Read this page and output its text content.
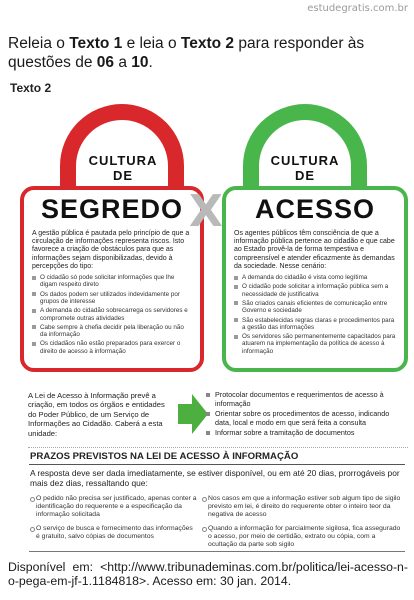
estudegratis.com.br

Releia o Texto 1 e leia o Texto 2 para responder às questões de 06 a 10.

Texto 2
CULTURA
DE
SEGREDO

A gestão pública é pautada pelo princípio de que a circulação de informações representa riscos. Isto favorece a criação de obstáculos para que as informações sejam disponibilizadas, devido à percepções do tipo:

O cidadão só pode solicitar informações que lhe digam respeito direto
Os dados podem ser utilizados indevidamente por grupos de interesse
A demanda do cidadão sobrecarrega os servidores e compromete outras atividades
Cabe sempre à chefia decidir pela liberação ou não da informação
Os cidadãos não estão preparados para exercer o direito de acesso à informação
CULTURA
DE
ACESSO

Os agentes públicos têm consciência de que a informação pública pertence ao cidadão e que cabe ao Estado provê-la de forma tempestiva e compreensível e atender eficazmente às demandas da sociedade. Nesse cenário:

A demanda do cidadão é vista como legítima
O cidadão pode solicitar a informação pública sem a necessidade de justificativa
São criados canais eficientes de comunicação entre Governo e sociedade
São estabelecidas regras claras e procedimentos para a gestão das informações
Os servidores são permanentemente capacitados para atuarem na implementação da política de acesso à informação
X

A Lei de Acesso à Informação prevê a criação, em todos os órgãos e entidades do Poder Público, de um Serviço de Informações ao Cidadão. Caberá a esta unidade:

Protocolar documentos e requerimentos de acesso à informação
Orientar sobre os procedimentos de acesso, indicando data, local e modo em que será feita a consulta
Informar sobre a tramitação de documentos
PRAZOS PREVISTOS NA LEI DE ACESSO À INFORMAÇÃO

A resposta deve ser dada imediatamente, se estiver disponível, ou em até 20 dias, prorrogáveis por mais dez dias, ressaltando que:

O pedido não precisa ser justificado, apenas conter a identificação do requerente e a especificação da informação solicitada
O serviço de busca e fornecimento das informações é gratuito, salvo cópias de documentos
Nos casos em que a informação estiver sob algum tipo de sigilo previsto em lei, é direito do requerente obter o inteiro teor da negativa de acesso
Quando a informação for parcialmente sigilosa, fica assegurado o acesso, por meio de certidão, extrato ou cópia, com a ocultação da parte sob sigilo

Disponível em: <http://www.tribunademinas.com.br/politica/lei-acesso-n-o-pega-em-jf-1.1184818>. Acesso em: 30 jan. 2014.
